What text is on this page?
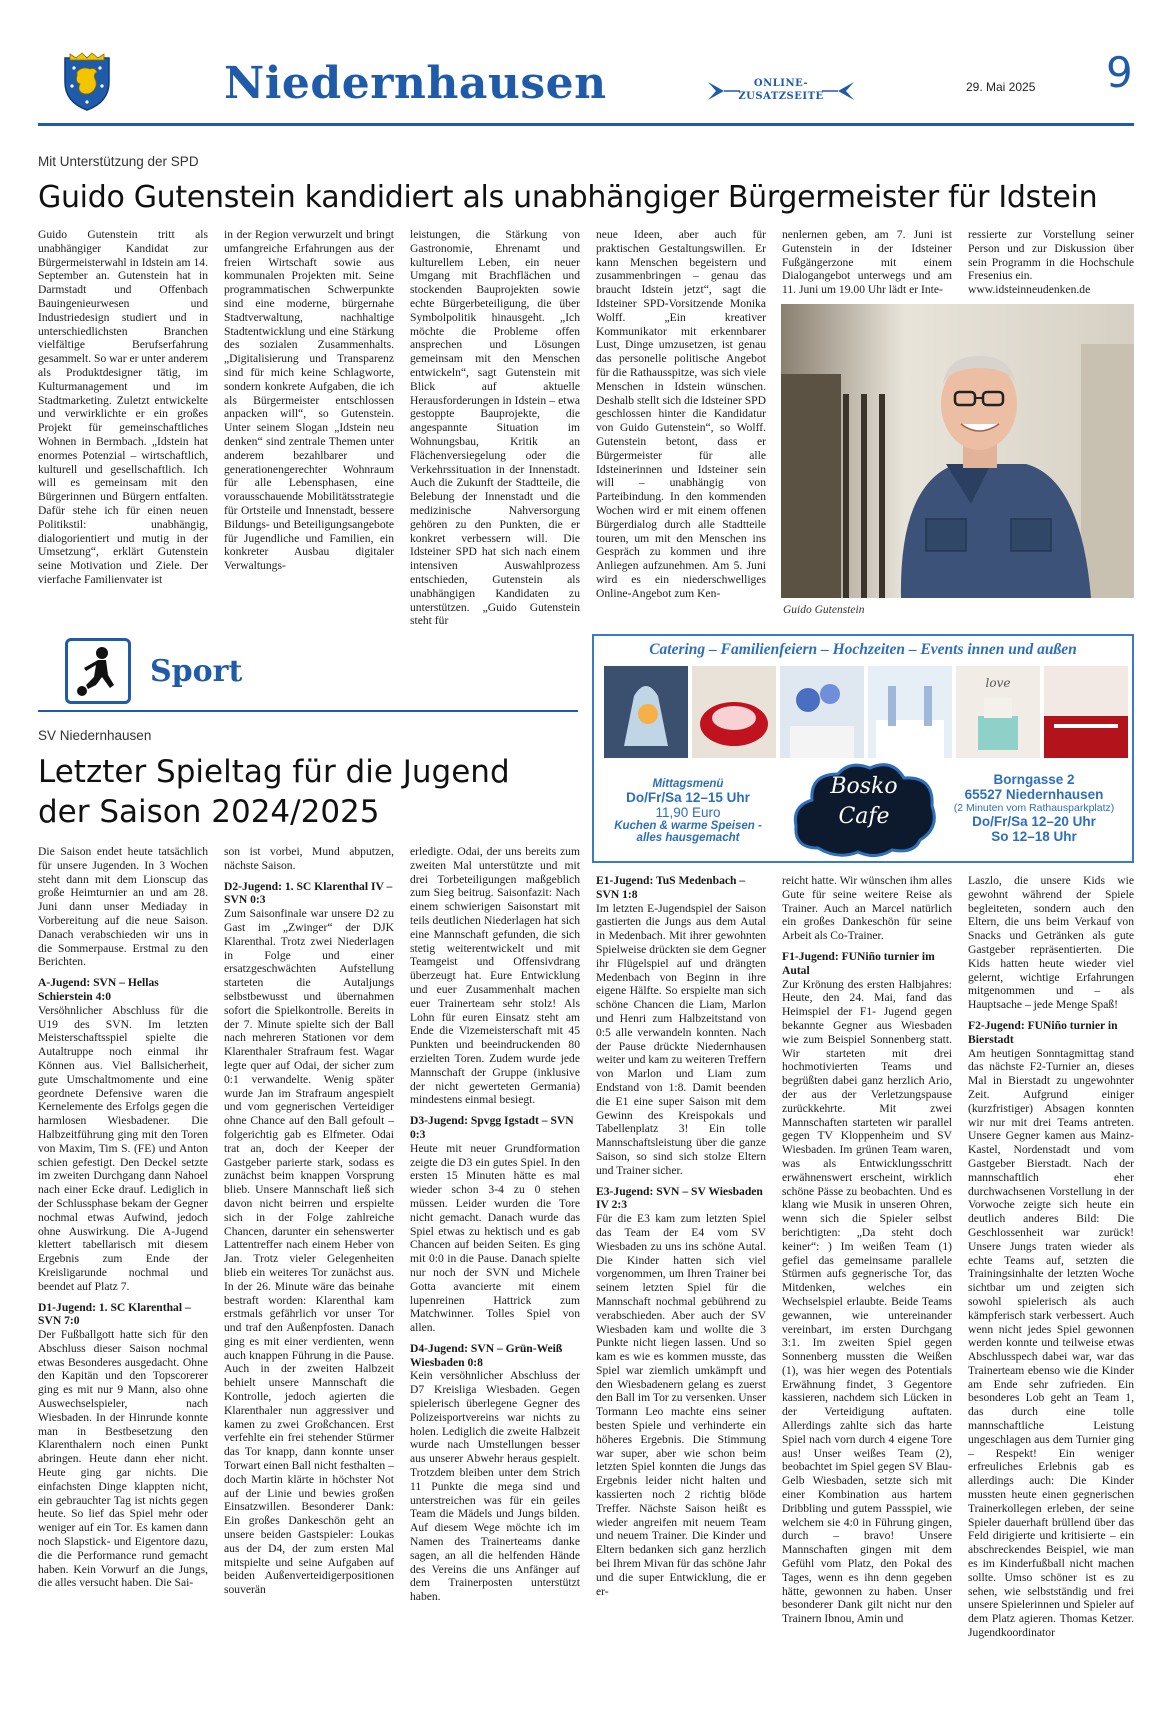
Niedernhausen	ONLINE-
ZUSATZSEITE
29. Mai 2025 9
Mit Unterstützung der SPD
Guido Gutenstein kandidiert als unabhängiger Bürgermeister für Idstein

Guido Gutenstein tritt als unabhängiger Kandidat zur Bürgermeisterwahl in Idstein am 14. September an. Gutenstein hat in Darmstadt und Offenbach Bauingenieurwesen und Industriedesign studiert und in unterschiedlichsten Branchen vielfältige Berufserfahrung gesammelt. So war er unter anderem als Produktdesigner tätig, im Kulturmanagement und im Stadtmarketing. Zuletzt entwickelte und verwirklichte er ein großes Projekt für gemeinschaftliches Wohnen in Bermbach. „Idstein hat enormes Potenzial – wirtschaftlich, kulturell und gesellschaftlich. Ich will es gemeinsam mit den Bürgerinnen und Bürgern entfalten. Dafür stehe ich für einen neuen Politikstil: unabhängig, dialogorientiert und mutig in der Umsetzung“, erklärt Gutenstein seine Motivation und Ziele. Der vierfache Familienvater ist

in der Region verwurzelt und bringt umfangreiche Erfahrungen aus der freien Wirtschaft sowie aus kommunalen Projekten mit. Seine programmatischen Schwerpunkte sind eine moderne, bürgernahe Stadtverwaltung, nachhaltige Stadtentwicklung und eine Stärkung des sozialen Zusammenhalts. „Digitalisierung und Transparenz sind für mich keine Schlagworte, sondern konkrete Aufgaben, die ich als Bürgermeister entschlossen anpacken will“, so Gutenstein. Unter seinem Slogan „Idstein neu denken“ sind zentrale Themen unter anderem bezahlbarer und generationengerechter Wohnraum für alle Lebensphasen, eine vorausschauende Mobilitätsstrategie für Ortsteile und Innenstadt, bessere Bildungs- und Beteiligungsangebote für Jugendliche und Familien, ein konkreter Ausbau digitaler Verwaltungs-

leistungen, die Stärkung von Gastronomie, Ehrenamt und kulturellem Leben, ein neuer Umgang mit Brachflächen und stockenden Bauprojekten sowie echte Bürgerbeteiligung, die über Symbolpolitik hinausgeht. „Ich möchte die Probleme offen ansprechen und Lösungen gemeinsam mit den Menschen entwickeln“, sagt Gutenstein mit Blick auf aktuelle Herausforderungen in Idstein – etwa gestoppte Bauprojekte, die angespannte Situation im Wohnungsbau, Kritik an Flächenversiegelung oder die Verkehrssituation in der Innenstadt. Auch die Zukunft der Stadtteile, die Belebung der Innenstadt und die medizinische Nahversorgung gehören zu den Punkten, die er konkret verbessern will. Die Idsteiner SPD hat sich nach einem intensiven Auswahlprozess entschieden, Gutenstein als unabhängigen Kandidaten zu unterstützen. „Guido Gutenstein steht für

neue Ideen, aber auch für praktischen Gestaltungswillen. Er kann Menschen begeistern und zusammenbringen – genau das braucht Idstein jetzt“, sagt die Idsteiner SPD-Vorsitzende Monika Wolff. „Ein kreativer Kommunikator mit erkennbarer Lust, Dinge umzusetzen, ist genau das personelle politische Angebot für die Rathausspitze, was sich viele Menschen in Idstein wünschen. Deshalb stellt sich die Idsteiner SPD geschlossen hinter die Kandidatur von Guido Gutenstein“, so Wolff. Gutenstein betont, dass er Bürgermeister für alle Idsteinerinnen und Idsteiner sein will – unabhängig von Parteibindung. In den kommenden Wochen wird er mit einem offenen Bürgerdialog durch alle Stadtteile touren, um mit den Menschen ins Gespräch zu kommen und ihre Anliegen aufzunehmen. Am 5. Juni wird es ein niederschwelliges Online-Angebot zum Ken-

nenlernen geben, am 7. Juni ist Gutenstein in der Idsteiner Fußgängerzone mit einem Dialogangebot unterwegs und am 11. Juni um 19.00 Uhr lädt er Inte-

ressierte zur Vorstellung seiner Person und zur Diskussion über sein Programm in die Hochschule Fresenius ein.

www.idsteinneudenken.de

Guido Gutenstein
Sport
SV Niedernhausen
Letzter Spieltag für die Jugend
der Saison 2024/2025

Die Saison endet heute tatsächlich für unsere Jugenden. In 3 Wochen steht dann mit dem Lionscup das große Heimturnier an und am 28. Juni dann unser Mediaday in Vorbereitung auf die neue Saison. Danach verabschieden wir uns in die Sommerpause. Erstmal zu den Berichten.

A-Jugend: SVN – Hellas Schierstein 4:0

Versöhnlicher Abschluss für die U19 des SVN. Im letzten Meisterschaftsspiel spielte die Autaltruppe noch einmal ihr Können aus. Viel Ballsicherheit, gute Umschaltmomente und eine geordnete Defensive waren die Kernelemente des Erfolgs gegen die harmlosen Wiesbadener. Die Halbzeitführung ging mit den Toren von Maxim, Tim S. (FE) und Anton schien gefestigt. Den Deckel setzte im zweiten Durchgang dann Nahoel nach einer Ecke drauf. Lediglich in der Schlussphase bekam der Gegner nochmal etwas Aufwind, jedoch ohne Auswirkung. Die A-Jugend klettert tabellarisch mit diesem Ergebnis zum Ende der Kreisligarunde nochmal und beendet auf Platz 7.

D1-Jugend: 1. SC Klarenthal – SVN 7:0

Der Fußballgott hatte sich für den Abschluss dieser Saison nochmal etwas Besonderes ausgedacht. Ohne den Kapitän und den Topscorerer ging es mit nur 9 Mann, also ohne Auswechselspieler, nach Wiesbaden. In der Hinrunde konnte man in Bestbesetzung den Klarenthalern noch einen Punkt abringen. Heute dann eher nicht. Heute ging gar nichts. Die einfachsten Dinge klappten nicht, ein gebrauchter Tag ist nichts gegen heute. So lief das Spiel mehr oder weniger auf ein Tor. Es kamen dann noch Slapstick- und Eigentore dazu, die die Performance rund gemacht haben. Kein Vorwurf an die Jungs, die alles versucht haben. Die Sai-

son ist vorbei, Mund abputzen, nächste Saison.

D2-Jugend: 1. SC Klarenthal IV – SVN 0:3

Zum Saisonfinale war unsere D2 zu Gast im „Zwinger“ der DJK Klarenthal. Trotz zwei Niederlagen in Folge und einer ersatzgeschwächten Aufstellung starteten die Autaljungs selbstbewusst und übernahmen sofort die Spielkontrolle. Bereits in der 7. Minute spielte sich der Ball nach mehreren Stationen vor dem Klarenthaler Strafraum fest. Wagar legte quer auf Odai, der sicher zum 0:1 verwandelte. Wenig später wurde Jan im Strafraum angespielt und vom gegnerischen Verteidiger ohne Chance auf den Ball gefoult – folgerichtig gab es Elfmeter. Odai trat an, doch der Keeper der Gastgeber parierte stark, sodass es zunächst beim knappen Vorsprung blieb. Unsere Mannschaft ließ sich davon nicht beirren und erspielte sich in der Folge zahlreiche Chancen, darunter ein sehenswerter Lattentreffer nach einem Heber von Jan. Trotz vieler Gelegenheiten blieb ein weiteres Tor zunächst aus. In der 26. Minute wäre das beinahe bestraft worden: Klarenthal kam erstmals gefährlich vor unser Tor und traf den Außenpfosten. Danach ging es mit einer verdienten, wenn auch knappen Führung in die Pause. Auch in der zweiten Halbzeit behielt unsere Mannschaft die Kontrolle, jedoch agierten die Klarenthaler nun aggressiver und kamen zu zwei Großchancen. Erst verfehlte ein frei stehender Stürmer das Tor knapp, dann konnte unser Torwart einen Ball nicht festhalten – doch Martin klärte in höchster Not auf der Linie und bewies großen Einsatzwillen. Besonderer Dank: Ein großes Dankeschön geht an unsere beiden Gastspieler: Loukas aus der D4, der zum ersten Mal mitspielte und seine Aufgaben auf beiden Außenverteidigerpositionen souverän

erledigte. Odai, der uns bereits zum zweiten Mal unterstützte und mit drei Torbeteiligungen maßgeblich zum Sieg beitrug. Saisonfazit: Nach einem schwierigen Saisonstart mit teils deutlichen Niederlagen hat sich eine Mannschaft gefunden, die sich stetig weiterentwickelt und mit Teamgeist und Offensivdrang überzeugt hat. Eure Entwicklung und euer Zusammenhalt machen euer Trainerteam sehr stolz! Als Lohn für euren Einsatz steht am Ende die Vizemeisterschaft mit 45 Punkten und beeindruckenden 80 erzielten Toren. Zudem wurde jede Mannschaft der Gruppe (inklusive der nicht gewerteten Germania) mindestens einmal besiegt.

D3-Jugend: Spvgg Igstadt – SVN 0:3

Heute mit neuer Grundformation zeigte die D3 ein gutes Spiel. In den ersten 15 Minuten hätte es mal wieder schon 3-4 zu 0 stehen müssen. Leider wurden die Tore nicht gemacht. Danach wurde das Spiel etwas zu hektisch und es gab Chancen auf beiden Seiten. Es ging mit 0:0 in die Pause. Danach spielte nur noch der SVN und Michele Gotta avancierte mit einem lupenreinen Hattrick zum Matchwinner. Tolles Spiel von allen.

D4-Jugend: SVN – Grün-Weiß Wiesbaden 0:8

Kein versöhnlicher Abschluss der D7 Kreisliga Wiesbaden. Gegen spielerisch überlegene Gegner des Polizeisportvereins war nichts zu holen. Lediglich die zweite Halbzeit wurde nach Umstellungen besser aus unserer Abwehr heraus gespielt. Trotzdem bleiben unter dem Strich 11 Punkte die mega sind und unterstreichen was für ein geiles Team die Mädels und Jungs bilden. Auf diesem Wege möchte ich im Namen des Trainerteams danke sagen, an all die helfenden Hände des Vereins die uns Anfänger auf dem Trainerposten unterstützt haben.

E1-Jugend: TuS Medenbach – SVN 1:8

Im letzten E-Jugendspiel der Saison gastierten die Jungs aus dem Autal in Medenbach. Mit ihrer gewohnten Spielweise drückten sie dem Gegner ihr Flügelspiel auf und drängten Medenbach von Beginn in ihre eigene Hälfte. So erspielte man sich schöne Chancen die Liam, Marlon und Henri zum Halbzeitstand von 0:5 alle verwandeln konnten. Nach der Pause drückte Niedernhausen weiter und kam zu weiteren Treffern von Marlon und Liam zum Endstand von 1:8. Damit beenden die E1 eine super Saison mit dem Gewinn des Kreispokals und Tabellenplatz 3! Ein tolle Mannschaftsleistung über die ganze Saison, so sind sich stolze Eltern und Trainer sicher.

E3-Jugend: SVN – SV Wiesbaden IV 2:3

Für die E3 kam zum letzten Spiel das Team der E4 vom SV Wiesbaden zu uns ins schöne Autal. Die Kinder hatten sich viel vorgenommen, um Ihren Trainer bei seinem letzten Spiel für die Mannschaft nochmal gebührend zu verabschieden. Aber auch der SV Wiesbaden kam und wollte die 3 Punkte nicht liegen lassen. Und so kam es wie es kommen musste, das Spiel war ziemlich umkämpft und den Wiesbadenern gelang es zuerst den Ball im Tor zu versenken. Unser Tormann Leo machte eins seiner besten Spiele und verhinderte ein höheres Ergebnis. Die Stimmung war super, aber wie schon beim letzten Spiel konnten die Jungs das Ergebnis leider nicht halten und kassierten noch 2 richtig blöde Treffer. Nächste Saison heißt es wieder angreifen mit neuem Team und neuem Trainer. Die Kinder und Eltern bedanken sich ganz herzlich bei Ihrem Mivan für das schöne Jahr und die super Entwicklung, die er er-

reicht hatte. Wir wünschen ihm alles Gute für seine weitere Reise als Trainer. Auch an Marcel natürlich ein großes Dankeschön für seine Arbeit als Co-Trainer.

F1-Jugend: FUNiño turnier im Autal

Zur Krönung des ersten Halbjahres: Heute, den 24. Mai, fand das Heimspiel der F1- Jugend gegen bekannte Gegner aus Wiesbaden wie zum Beispiel Sonnenberg statt. Wir starteten mit drei hochmotivierten Teams und begrüßten dabei ganz herzlich Ario, der aus der Verletzungspause zurückkehrte. Mit zwei Mannschaften starteten wir parallel gegen TV Kloppenheim und SV Wiesbaden. Im grünen Team waren, was als Entwicklungsschritt erwähnenswert erscheint, wirklich schöne Pässe zu beobachten. Und es klang wie Musik in unseren Ohren, wenn sich die Spieler selbst berichtigten: „Da steht doch keiner“: ) Im weißen Team (1) gefiel das gemeinsame parallele Stürmen aufs gegnerische Tor, das Mitdenken, welches ein Wechselspiel erlaubte. Beide Teams gewannen, wie untereinander vereinbart, im ersten Durchgang 3:1. Im zweiten Spiel gegen Sonnenberg mussten die Weißen (1), was hier wegen des Potentials Erwähnung findet, 3 Gegentore kassieren, nachdem sich Lücken in der Verteidigung auftaten. Allerdings zahlte sich das harte Spiel nach vorn durch 4 eigene Tore aus! Unser weißes Team (2), beobachtet im Spiel gegen SV Blau-Gelb Wiesbaden, setzte sich mit einer Kombination aus hartem Dribbling und gutem Passspiel, wie welchem sie 4:0 in Führung gingen, durch – bravo! Unsere Mannschaften gingen mit dem Gefühl vom Platz, den Pokal des Tages, wenn es ihn denn gegeben hätte, gewonnen zu haben. Unser besonderer Dank gilt nicht nur den Trainern Ibnou, Amin und

Laszlo, die unsere Kids wie gewohnt während der Spiele begleiteten, sondern auch den Eltern, die uns beim Verkauf von Snacks und Getränken als gute Gastgeber repräsentierten. Die Kids hatten heute wieder viel gelernt, wichtige Erfahrungen mitgenommen und – als Hauptsache – jede Menge Spaß!

F2-Jugend: FUNiño turnier in Bierstadt

Am heutigen Sonntagmittag stand das nächste F2-Turnier an, dieses Mal in Bierstadt zu ungewohnter Zeit. Aufgrund einiger (kurzfristiger) Absagen konnten wir nur mit drei Teams antreten. Unsere Gegner kamen aus Mainz-Kastel, Nordenstadt und vom Gastgeber Bierstadt. Nach der mannschaftlich eher durchwachsenen Vorstellung in der Vorwoche zeigte sich heute ein deutlich anderes Bild: Die Geschlossenheit war zurück! Unsere Jungs traten wieder als echte Teams auf, setzten die Trainingsinhalte der letzten Woche sichtbar um und zeigten sich sowohl spielerisch als auch kämpferisch stark verbessert. Auch wenn nicht jedes Spiel gewonnen werden konnte und teilweise etwas Abschlusspech dabei war, war das Trainerteam ebenso wie die Kinder am Ende sehr zufrieden. Ein besonderes Lob geht an Team 1, das durch eine tolle mannschaftliche Leistung ungeschlagen aus dem Turnier ging – Respekt! Ein weniger erfreuliches Erlebnis gab es allerdings auch: Die Kinder mussten heute einen gegnerischen Trainerkollegen erleben, der seine Spieler dauerhaft brüllend über das Feld dirigierte und kritisierte – ein abschreckendes Beispiel, wie man es im Kinderfußball nicht machen sollte. Umso schöner ist es zu sehen, wie selbstständig und frei unsere Spielerinnen und Spieler auf dem Platz agieren. Thomas Ketzer. Jugendkoordinator

Catering – Familienfeiern – Hochzeiten – Events innen und außen
love
Mittagsmenü
Do/Fr/Sa 12–15 Uhr
11,90 Euro
Kuchen & warme Speisen -
alles hausgemacht
Bosko
Cafe
Borngasse 2
65527 Niedernhausen
(2 Minuten vom Rathausparkplatz)
Do/Fr/Sa 12–20 Uhr
So 12–18 Uhr
